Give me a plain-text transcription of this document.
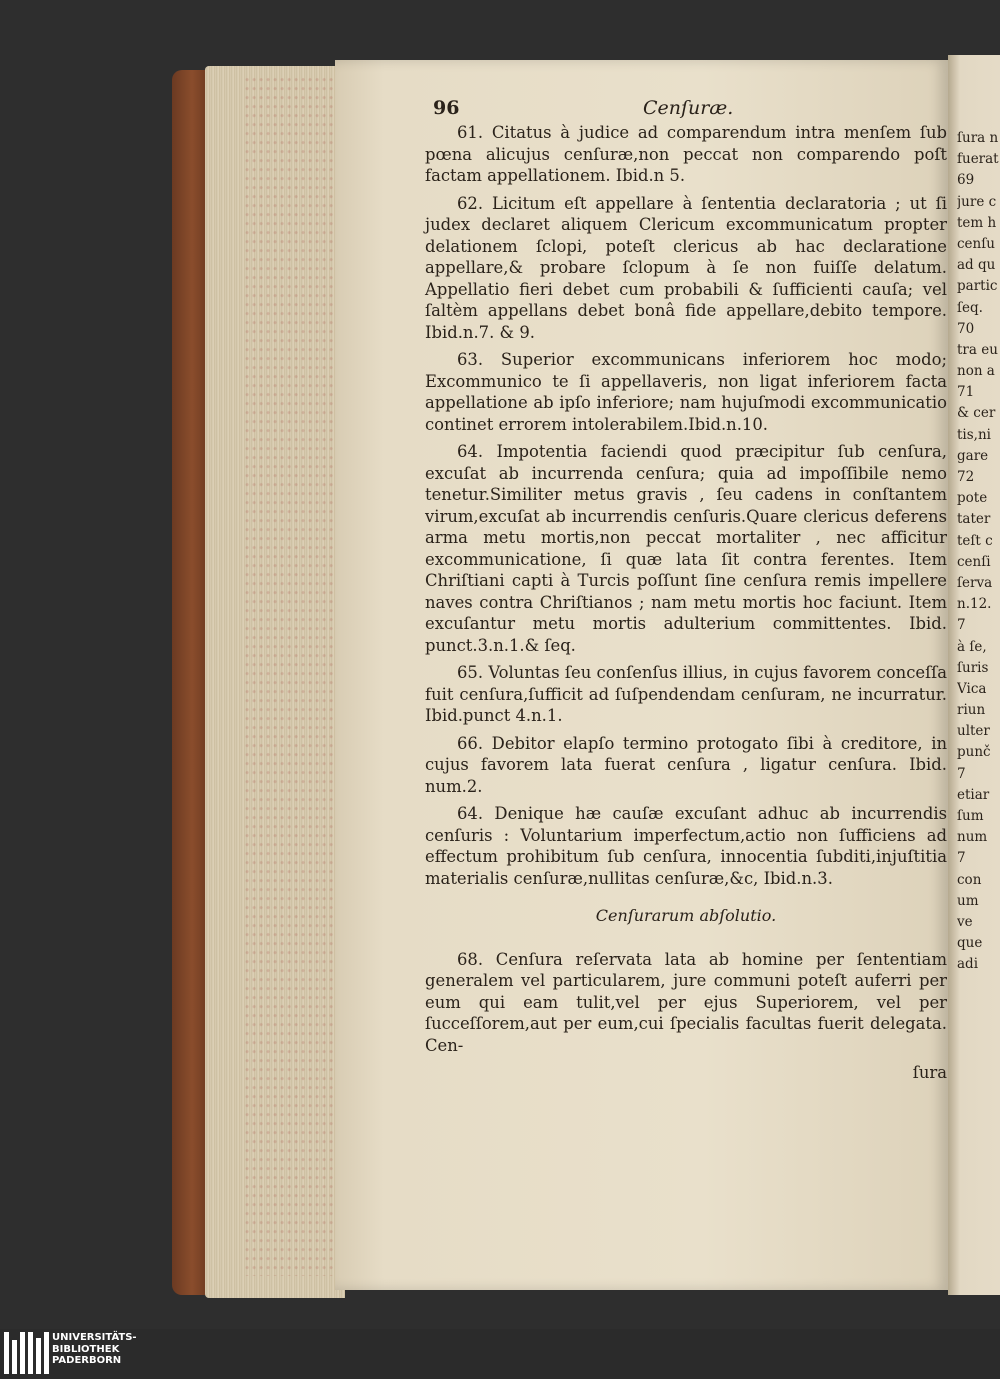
96	Cenſuræ.

61. Citatus à judice ad comparendum intra menſem ſub pœna alicujus cenſuræ,non peccat non comparendo poſt factam appellationem. Ibid.n 5.

62. Licitum eſt appellare à ſententia declaratoria ; ut ſi judex declaret aliquem Clericum excommunicatum propter delationem ſclopi, poteſt clericus ab hac declaratione appellare,& probare ſclopum à ſe non fuiſſe delatum. Appellatio fieri debet cum probabili & ſufficienti cauſa; vel ſaltèm appellans debet bonâ fide appellare,debito tempore. Ibid.n.7. & 9.

63. Superior excommunicans inferiorem hoc modo; Excommunico te ſi appellaveris, non ligat inferiorem facta appellatione ab ipſo inferiore; nam hujuſmodi excommunicatio continet errorem intolerabilem.Ibid.n.10.

64. Impotentia faciendi quod præcipitur ſub cenſura, excuſat ab incurrenda cenſura; quia ad impoſſibile nemo tenetur.Similiter metus gravis , ſeu cadens in conſtantem virum,excuſat ab incurrendis cenſuris.Quare clericus deferens arma metu mortis,non peccat mortaliter , nec afficitur excommunicatione, ſi quæ lata ſit contra ferentes. Item Chriſtiani capti à Turcis poſſunt ſine cenſura remis impellere naves contra Chriſtianos ; nam metu mortis hoc faciunt. Item excuſantur metu mortis adulterium committentes. Ibid. punct.3.n.1.& ſeq.

65. Voluntas ſeu conſenſus illius, in cujus favorem conceſſa fuit cenſura,ſufficit ad ſuſpendendam cenſuram, ne incurratur. Ibid.punct 4.n.1.

66. Debitor elapſo termino protogato ſibi à creditore, in cujus favorem lata fuerat cenſura , ligatur cenſura. Ibid. num.2.

64. Denique hæ cauſæ excuſant adhuc ab incurrendis cenſuris : Voluntarium imperfectum,actio non ſufficiens ad effectum prohibitum ſub cenſura, innocentia ſubditi,injuſtitia materialis cenſuræ,nullitas cenſuræ,&c, Ibid.n.3.

Cenſurarum abſolutio.

68. Cenſura reſervata lata ab homine per ſententiam generalem vel particularem, jure communi poteſt auferri per eum qui eam tulit,vel per ejus Superiorem, vel per ſucceſſorem,aut per eum,cui ſpecialis facultas fuerit delegata. Cen-

ſura
ſura n
fuerat
69
jure c
tem h
cenſu
ad qu
partic
ſeq.
70
tra eu
non a
71
& cer
tis,ni
gare
72
pote
tater
teſt c
cenſi
ſerva
n.12.
7
à ſe,
ſuris
Vica
riun
ulter
punč
7
etiar
ſum
num
7
con
um
ve
que
adi
UNIVERSITÄTS-
BIBLIOTHEK
PADERBORN
